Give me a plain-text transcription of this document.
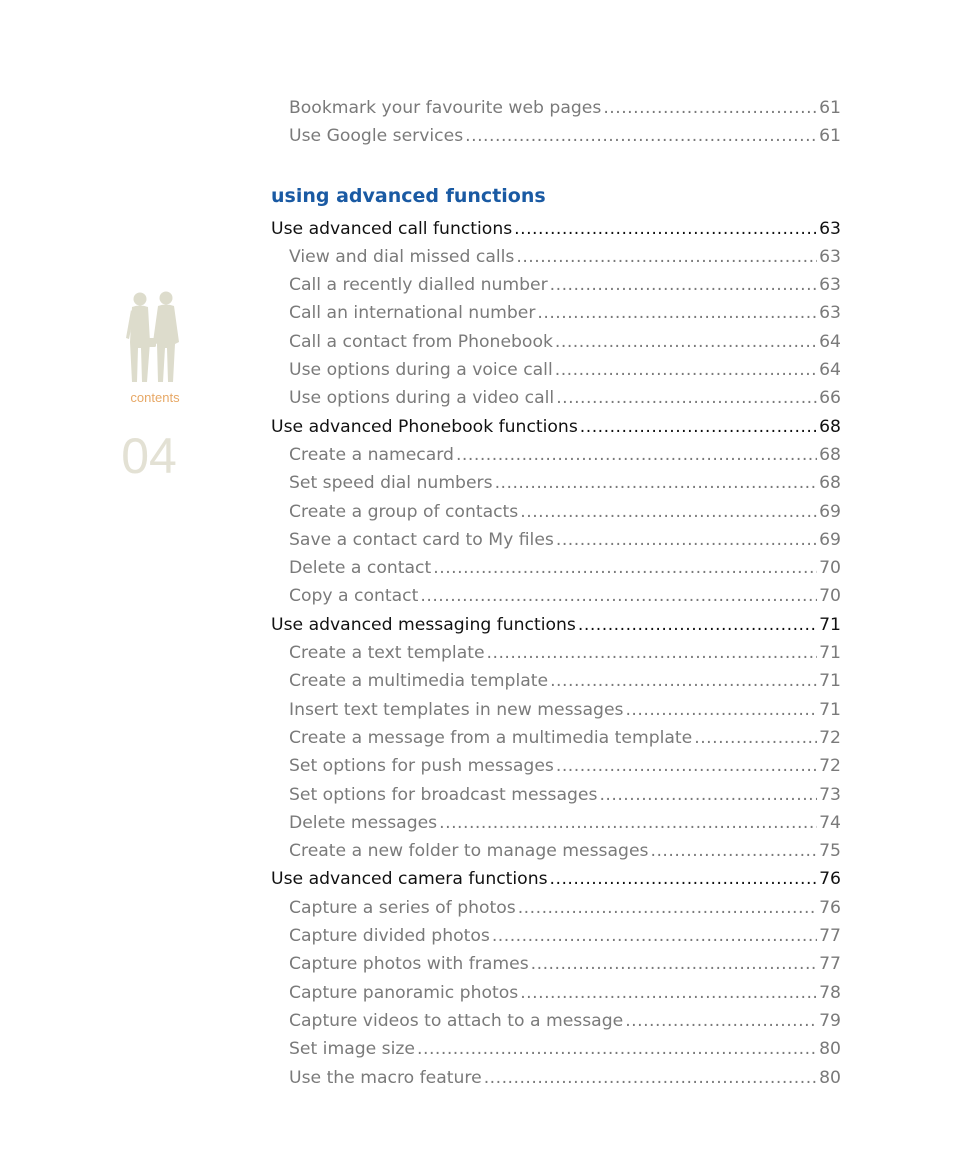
contents
04
Bookmark your favourite web pages .....	61
Use Google services .....	61
using advanced functions
Use advanced call functions .....	63
View and dial missed calls .....	63
Call a recently dialled number .....	63
Call an international number .....	63
Call a contact from Phonebook .....	64
Use options during a voice call .....	64
Use options during a video call .....	66
Use advanced Phonebook functions .....	68
Create a namecard .....	68
Set speed dial numbers .....	68
Create a group of contacts .....	69
Save a contact card to My files .....	69
Delete a contact .....	70
Copy a contact .....	70
Use advanced messaging functions .....	71
Create a text template .....	71
Create a multimedia template .....	71
Insert text templates in new messages .....	71
Create a message from a multimedia template .....	72
Set options for push messages .....	72
Set options for broadcast messages .....	73
Delete messages .....	74
Create a new folder to manage messages .....	75
Use advanced camera functions .....	76
Capture a series of photos .....	76
Capture divided photos .....	77
Capture photos with frames .....	77
Capture panoramic photos .....	78
Capture videos to attach to a message .....	79
Set image size .....	80
Use the macro feature .....	80
